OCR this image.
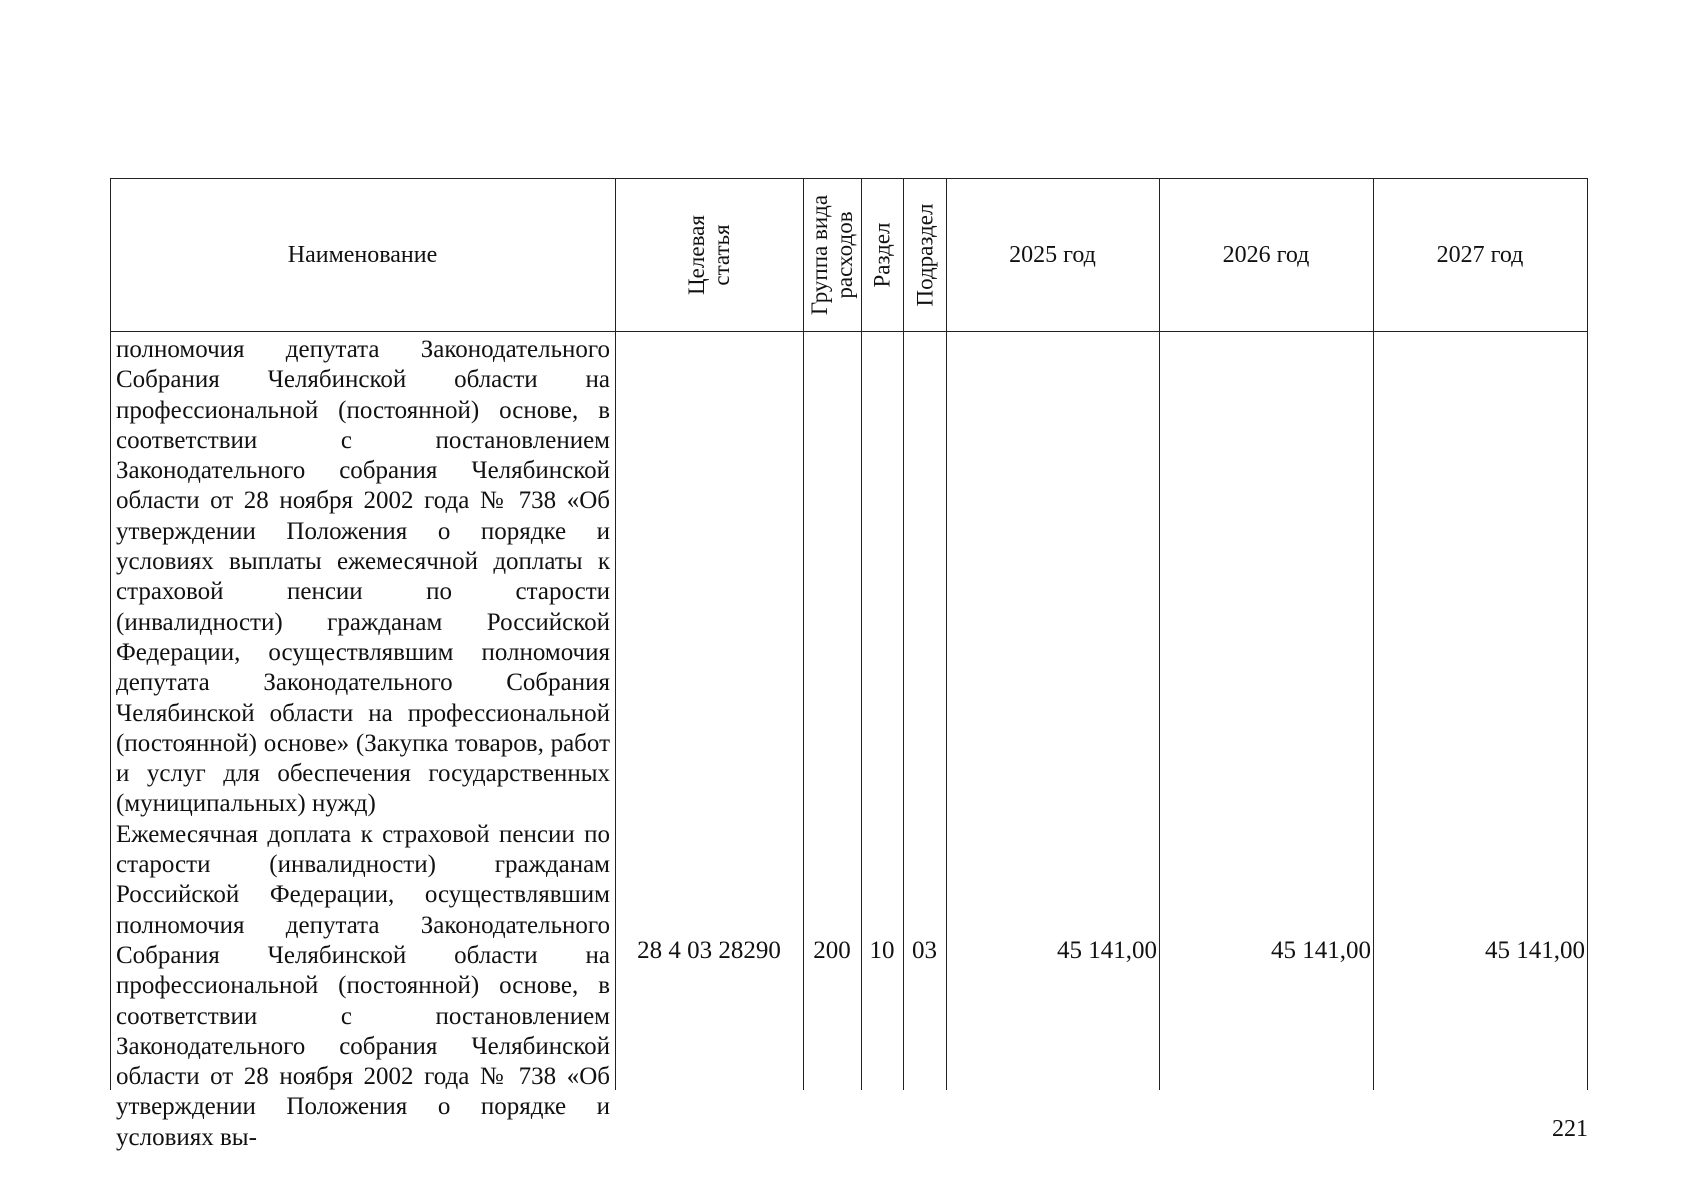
Наименование	Целевая статья	Группа вида расходов Раздел Подраздел	2025 год	2026 год	2027 год

полномочия депутата Законодательного Собрания Челябинской области на профессиональной (постоянной) основе, в соответствии с постановлением Законодательного собрания Челябинской области от 28 ноября 2002 года № 738 «Об утверждении Положения о порядке и условиях выплаты ежемесячной доплаты к страховой пенсии по старости (инвалидности) гражданам Российской Федерации, осуществлявшим полномочия депутата Законодательного Собрания Челябинской области на профессиональной (постоянной) основе» (Закупка товаров, работ и услуг для обеспечения государственных (муниципальных) нужд)

Ежемесячная доплата к страховой пенсии по старости (инвалидности) гражданам Российской Федерации, осуществлявшим полномочия депутата Законодательного Собрания Челябинской области на профессиональной (постоянной) основе, в соответствии с постановлением Законодательного собрания Челябинской области от 28 ноября 2002 года № 738 «Об утверждении Положения о порядке и условиях вы-

28 4 03 28290	200 10 03	45 141,00	45 141,00	45 141,00
221
